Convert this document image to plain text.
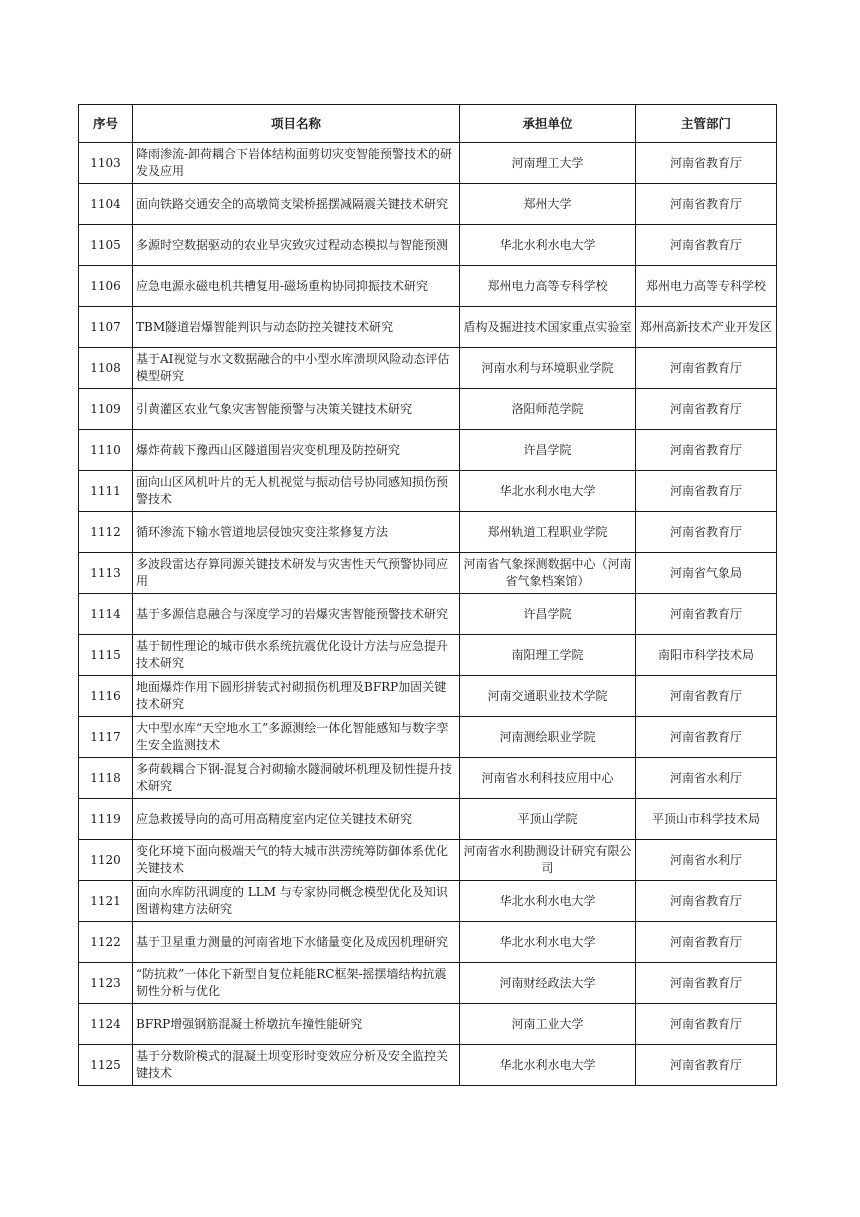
序号	项目名称	承担单位	主管部门
1103	降雨渗流-卸荷耦合下岩体结构面剪切灾变智能预警技术的研发及应用	河南理工大学	河南省教育厅
1104	面向铁路交通安全的高墩简支梁桥摇摆减隔震关键技术研究	郑州大学	河南省教育厅
1105	多源时空数据驱动的农业旱灾致灾过程动态模拟与智能预测	华北水利水电大学	河南省教育厅
1106	应急电源永磁电机共槽复用-磁场重构协同抑振技术研究	郑州电力高等专科学校	郑州电力高等专科学校
1107	TBM隧道岩爆智能判识与动态防控关键技术研究	盾构及掘进技术国家重点实验室	郑州高新技术产业开发区
1108	基于AI视觉与水文数据融合的中小型水库溃坝风险动态评估模型研究	河南水利与环境职业学院	河南省教育厅
1109	引黄灌区农业气象灾害智能预警与决策关键技术研究	洛阳师范学院	河南省教育厅
1110	爆炸荷载下豫西山区隧道围岩灾变机理及防控研究	许昌学院	河南省教育厅
1111	面向山区风机叶片的无人机视觉与振动信号协同感知损伤预警技术	华北水利水电大学	河南省教育厅
1112	循环渗流下输水管道地层侵蚀灾变注浆修复方法	郑州轨道工程职业学院	河南省教育厅
1113	多波段雷达存算同源关键技术研发与灾害性天气预警协同应用	河南省气象探测数据中心（河南省气象档案馆）	河南省气象局
1114	基于多源信息融合与深度学习的岩爆灾害智能预警技术研究	许昌学院	河南省教育厅
1115	基于韧性理论的城市供水系统抗震优化设计方法与应急提升技术研究	南阳理工学院	南阳市科学技术局
1116	地面爆炸作用下圆形拼装式衬砌损伤机理及BFRP加固关键技术研究	河南交通职业技术学院	河南省教育厅
1117	大中型水库“天空地水工”多源测绘一体化智能感知与数字孪生安全监测技术	河南测绘职业学院	河南省教育厅
1118	多荷载耦合下钢-混复合衬砌输水隧洞破坏机理及韧性提升技术研究	河南省水利科技应用中心	河南省水利厅
1119	应急救援导向的高可用高精度室内定位关键技术研究	平顶山学院	平顶山市科学技术局
1120	变化环境下面向极端天气的特大城市洪涝统筹防御体系优化关键技术	河南省水利勘测设计研究有限公司	河南省水利厅
1121	面向水库防汛调度的 LLM 与专家协同概念模型优化及知识图谱构建方法研究	华北水利水电大学	河南省教育厅
1122	基于卫星重力测量的河南省地下水储量变化及成因机理研究	华北水利水电大学	河南省教育厅
1123	“防抗救”一体化下新型自复位耗能RC框架-摇摆墙结构抗震韧性分析与优化	河南财经政法大学	河南省教育厅
1124	BFRP增强钢筋混凝土桥墩抗车撞性能研究	河南工业大学	河南省教育厅
1125	基于分数阶模式的混凝土坝变形时变效应分析及安全监控关键技术	华北水利水电大学	河南省教育厅
